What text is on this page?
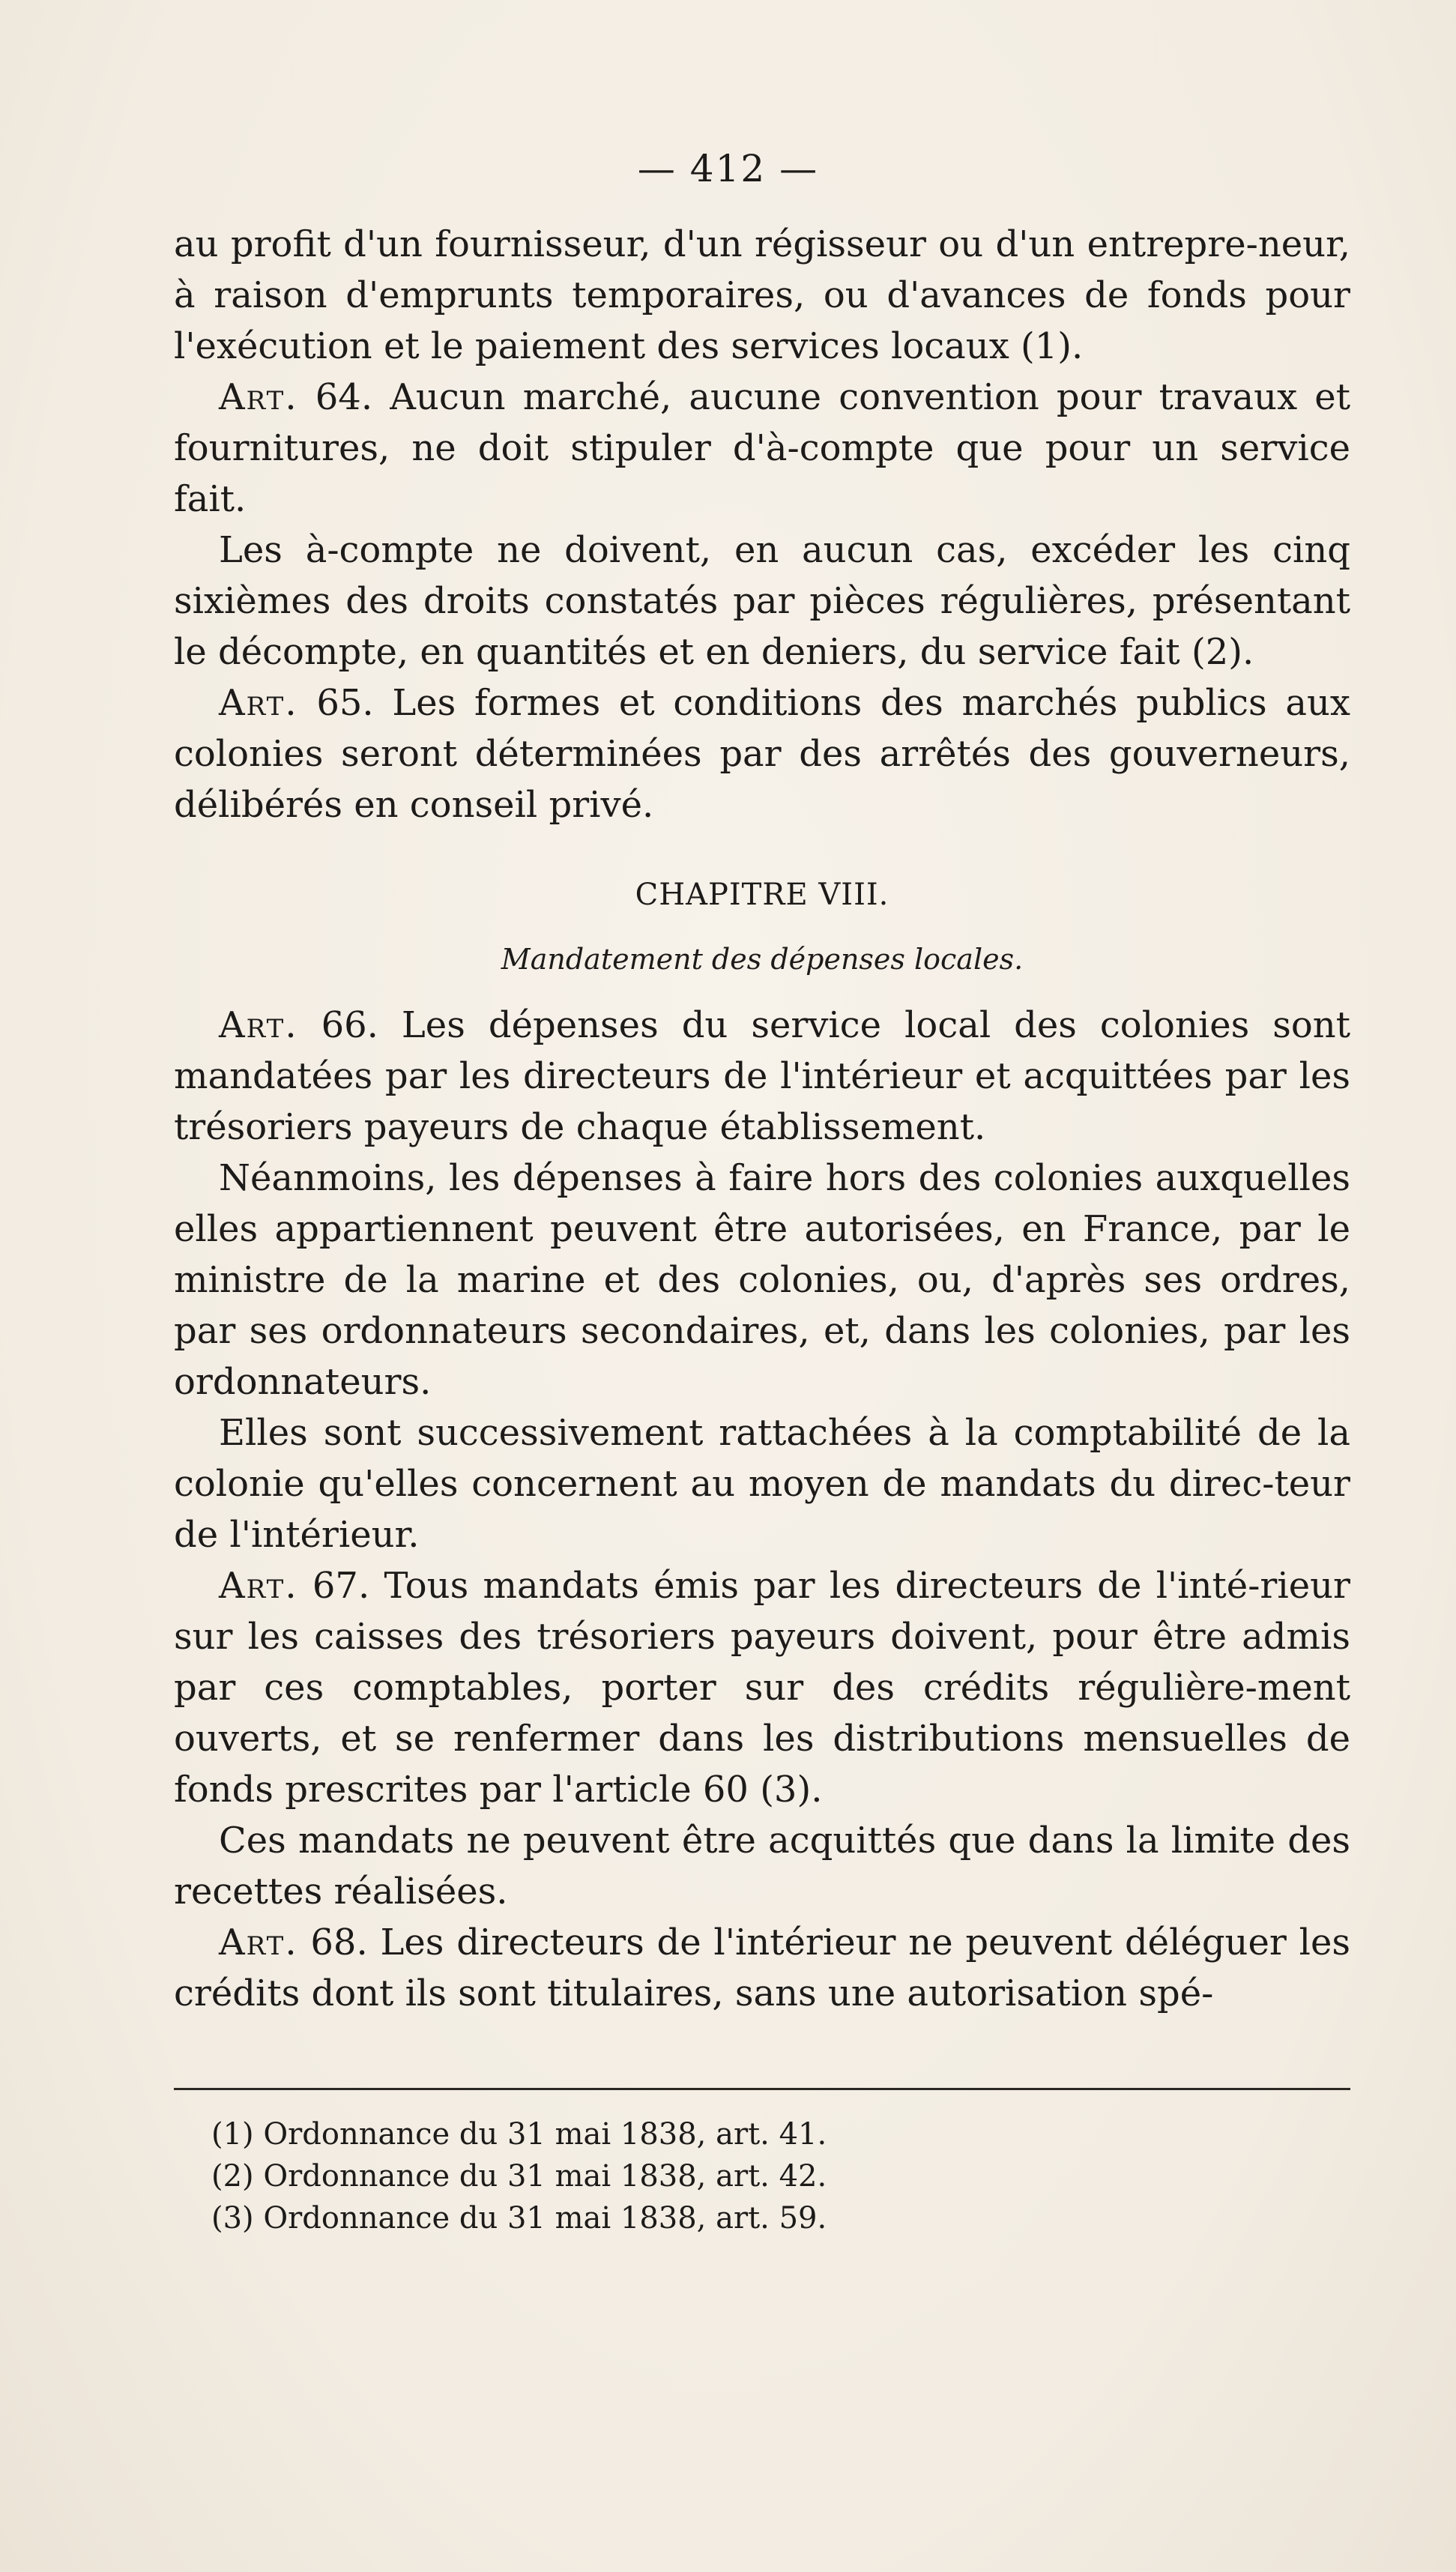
— 412 —

au profit d'un fournisseur, d'un régisseur ou d'un entrepre-neur, à raison d'emprunts temporaires, ou d'avances de fonds pour l'exécution et le paiement des services locaux (1).

Art. 64. Aucun marché, aucune convention pour travaux et fournitures, ne doit stipuler d'à-compte que pour un service fait.

Les à-compte ne doivent, en aucun cas, excéder les cinq sixièmes des droits constatés par pièces régulières, présentant le décompte, en quantités et en deniers, du service fait (2).

Art. 65. Les formes et conditions des marchés publics aux colonies seront déterminées par des arrêtés des gouverneurs, délibérés en conseil privé.

CHAPITRE VIII.
Mandatement des dépenses locales.

Art. 66. Les dépenses du service local des colonies sont mandatées par les directeurs de l'intérieur et acquittées par les trésoriers payeurs de chaque établissement.

Néanmoins, les dépenses à faire hors des colonies auxquelles elles appartiennent peuvent être autorisées, en France, par le ministre de la marine et des colonies, ou, d'après ses ordres, par ses ordonnateurs secondaires, et, dans les colonies, par les ordonnateurs.

Elles sont successivement rattachées à la comptabilité de la colonie qu'elles concernent au moyen de mandats du direc-teur de l'intérieur.

Art. 67. Tous mandats émis par les directeurs de l'inté-rieur sur les caisses des trésoriers payeurs doivent, pour être admis par ces comptables, porter sur des crédits régulière-ment ouverts, et se renfermer dans les distributions mensuelles de fonds prescrites par l'article 60 (3).

Ces mandats ne peuvent être acquittés que dans la limite des recettes réalisées.

Art. 68. Les directeurs de l'intérieur ne peuvent déléguer les crédits dont ils sont titulaires, sans une autorisation spé-

(1) Ordonnance du 31 mai 1838, art. 41.

(2) Ordonnance du 31 mai 1838, art. 42.

(3) Ordonnance du 31 mai 1838, art. 59.
